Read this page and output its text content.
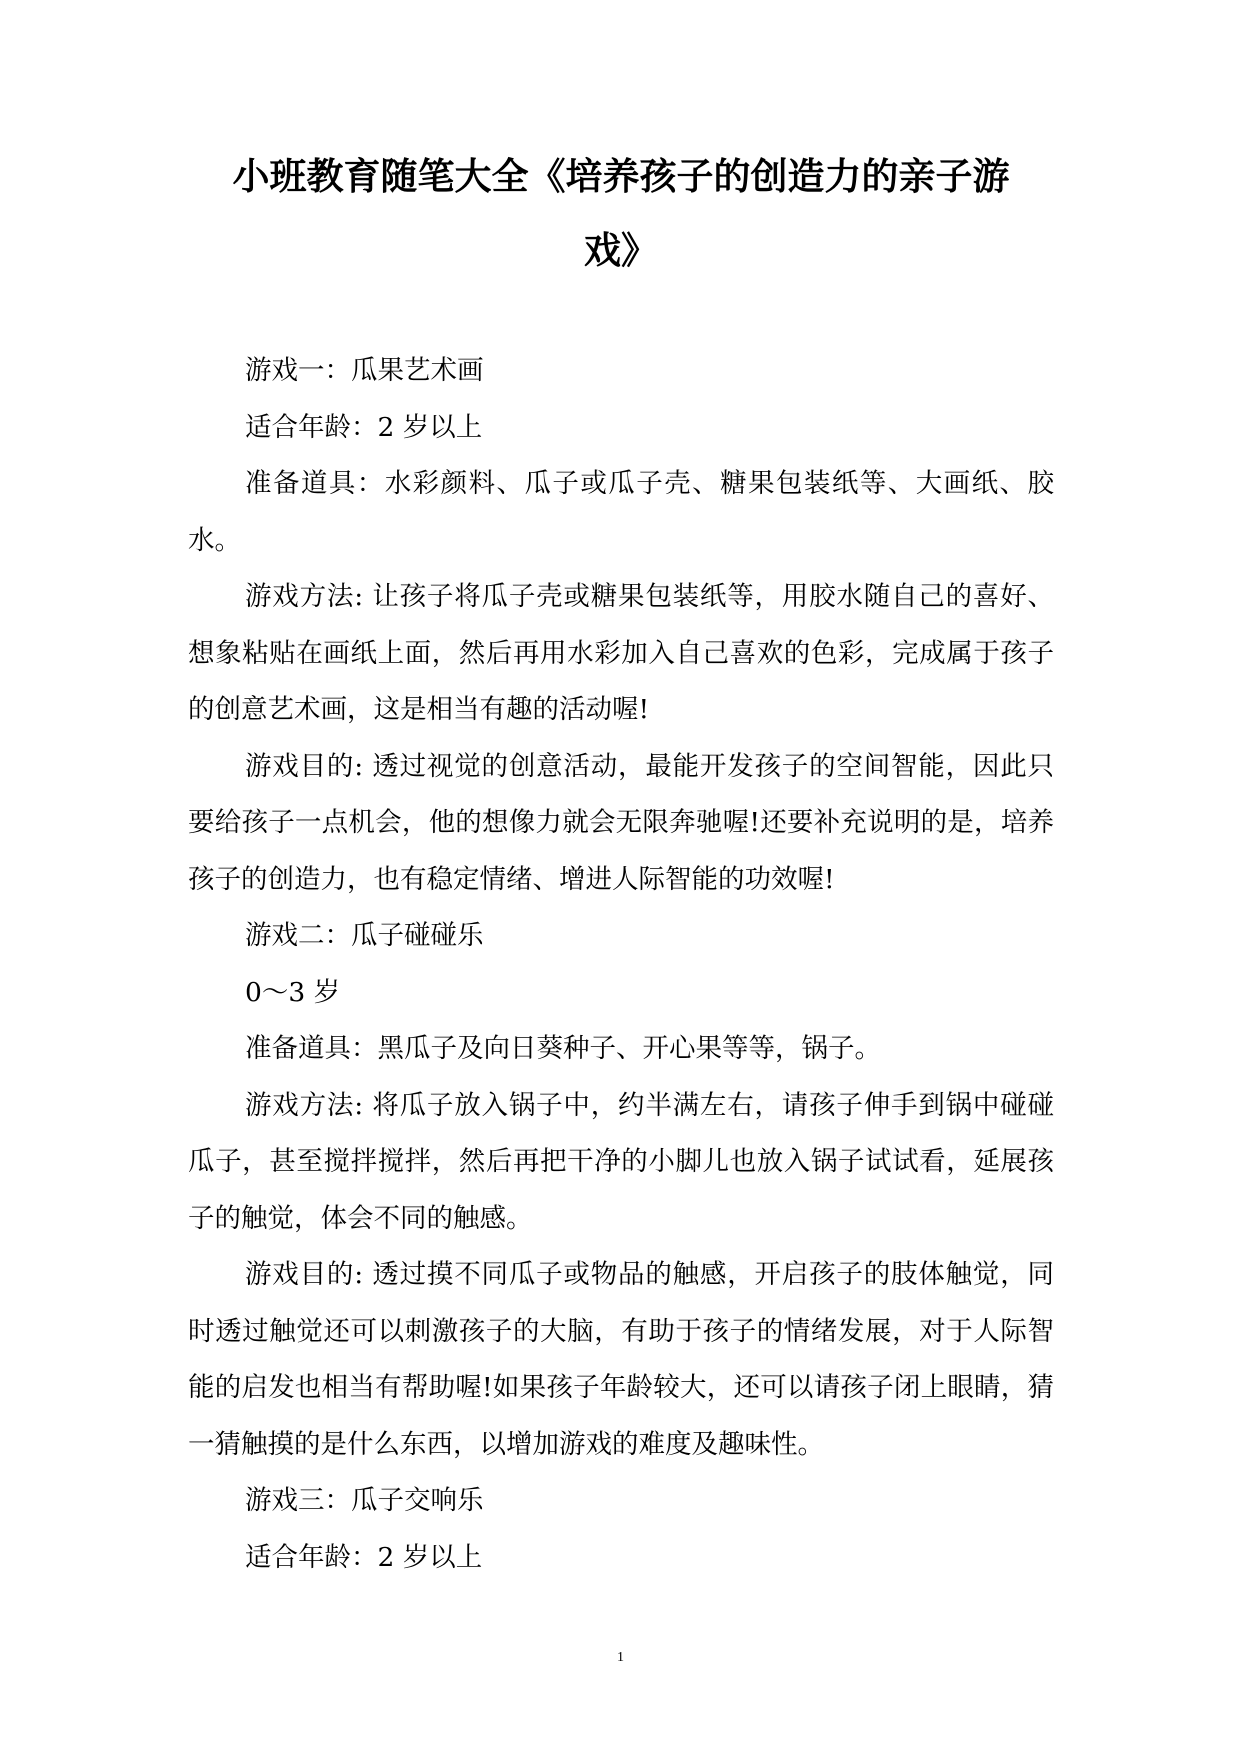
小班教育随笔大全《培养孩子的创造力的亲子游
戏》

游戏一：瓜果艺术画

适合年龄：2 岁以上

准备道具：水彩颜料、瓜子或瓜子壳、糖果包装纸等、大画纸、胶水。

游戏方法: 让孩子将瓜子壳或糖果包装纸等，用胶水随自己的喜好、想象粘贴在画纸上面，然后再用水彩加入自己喜欢的色彩，完成属于孩子的创意艺术画，这是相当有趣的活动喔!

游戏目的: 透过视觉的创意活动，最能开发孩子的空间智能，因此只要给孩子一点机会，他的想像力就会无限奔驰喔!还要补充说明的是，培养孩子的创造力，也有稳定情绪、增进人际智能的功效喔!

游戏二：瓜子碰碰乐

0～3 岁

准备道具：黑瓜子及向日葵种子、开心果等等，锅子。

游戏方法: 将瓜子放入锅子中，约半满左右，请孩子伸手到锅中碰碰瓜子，甚至搅拌搅拌，然后再把干净的小脚儿也放入锅子试试看，延展孩子的触觉，体会不同的触感。

游戏目的: 透过摸不同瓜子或物品的触感，开启孩子的肢体触觉，同时透过触觉还可以刺激孩子的大脑，有助于孩子的情绪发展，对于人际智能的启发也相当有帮助喔!如果孩子年龄较大，还可以请孩子闭上眼睛，猜一猜触摸的是什么东西，以增加游戏的难度及趣味性。

游戏三：瓜子交响乐

适合年龄：2 岁以上

1
